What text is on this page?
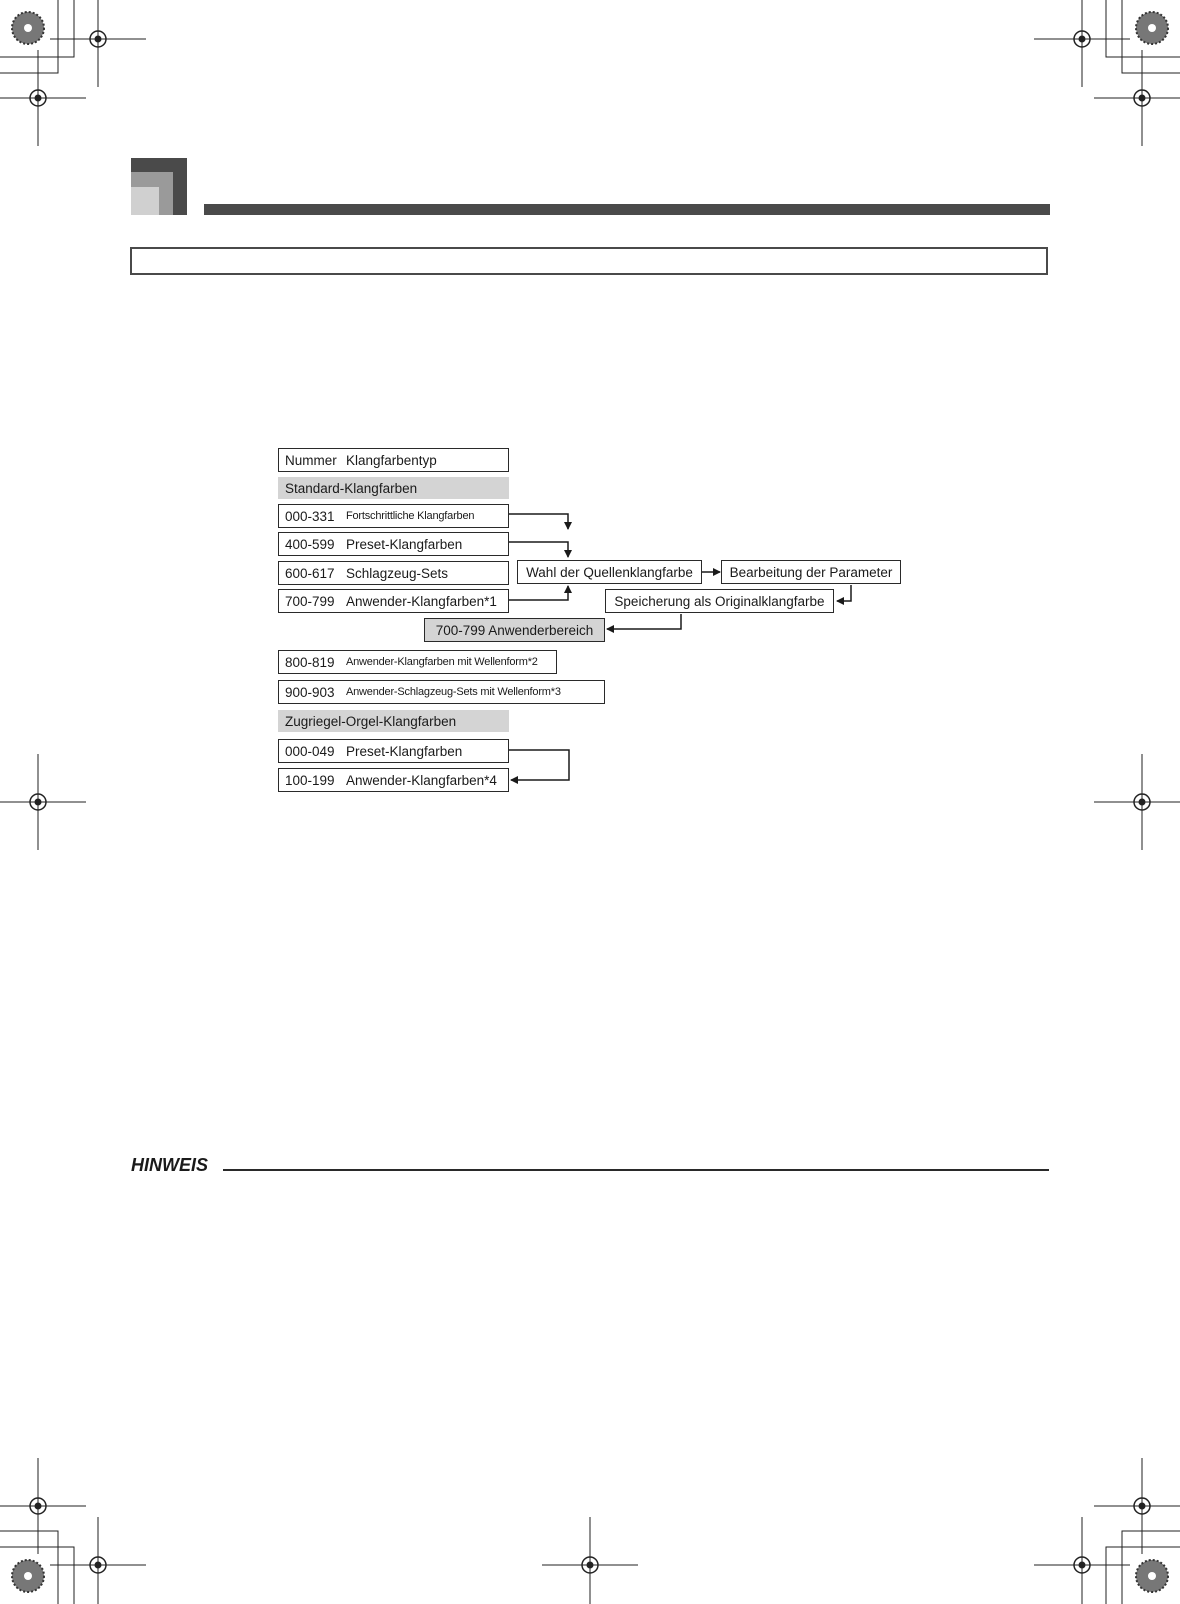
Nummer Klangfarbentyp
Standard-Klangfarben
000-331	Fortschrittliche Klangfarben
400-599 Preset-Klangfarben
600-617 Schlagzeug-Sets
700-799 Anwender-Klangfarben*1
700-799 Anwenderbereich
800-819	Anwender-Klangfarben mit Wellenform*2
900-903	Anwender-Schlagzeug-Sets mit Wellenform*3
Zugriegel-Orgel-Klangfarben
000-049 Preset-Klangfarben
100-199 Anwender-Klangfarben*4
Wahl der Quellenklangfarbe	Bearbeitung der Parameter
Speicherung als Originalklangfarbe
HINWEIS
